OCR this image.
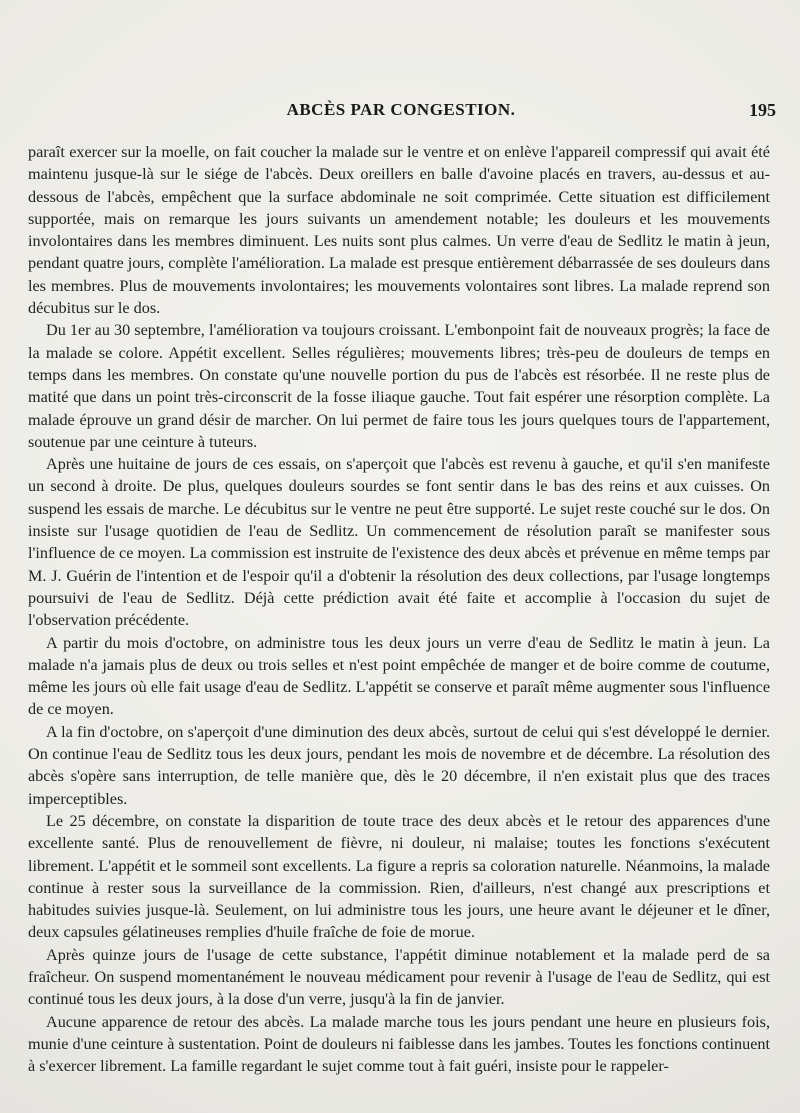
ABCÈS PAR CONGESTION.	195

paraît exercer sur la moelle, on fait coucher la malade sur le ventre et on enlève l'appareil compressif qui avait été maintenu jusque-là sur le siége de l'abcès. Deux oreillers en balle d'avoine placés en travers, au-dessus et au-dessous de l'abcès, empêchent que la surface abdominale ne soit comprimée. Cette situation est difficilement supportée, mais on remarque les jours suivants un amendement notable; les douleurs et les mouvements involontaires dans les membres diminuent. Les nuits sont plus calmes. Un verre d'eau de Sedlitz le matin à jeun, pendant quatre jours, complète l'amélioration. La malade est presque entièrement débarrassée de ses douleurs dans les membres. Plus de mouvements involontaires; les mouvements volontaires sont libres. La malade reprend son décubitus sur le dos.

Du 1er au 30 septembre, l'amélioration va toujours croissant. L'embonpoint fait de nouveaux progrès; la face de la malade se colore. Appétit excellent. Selles régulières; mouvements libres; très-peu de douleurs de temps en temps dans les membres. On constate qu'une nouvelle portion du pus de l'abcès est résorbée. Il ne reste plus de matité que dans un point très-circonscrit de la fosse iliaque gauche. Tout fait espérer une résorption complète. La malade éprouve un grand désir de marcher. On lui permet de faire tous les jours quelques tours de l'appartement, soutenue par une ceinture à tuteurs.

Après une huitaine de jours de ces essais, on s'aperçoit que l'abcès est revenu à gauche, et qu'il s'en manifeste un second à droite. De plus, quelques douleurs sourdes se font sentir dans le bas des reins et aux cuisses. On suspend les essais de marche. Le décubitus sur le ventre ne peut être supporté. Le sujet reste couché sur le dos. On insiste sur l'usage quotidien de l'eau de Sedlitz. Un commencement de résolution paraît se manifester sous l'influence de ce moyen. La commission est instruite de l'existence des deux abcès et prévenue en même temps par M. J. Guérin de l'intention et de l'espoir qu'il a d'obtenir la résolution des deux collections, par l'usage longtemps poursuivi de l'eau de Sedlitz. Déjà cette prédiction avait été faite et accomplie à l'occasion du sujet de l'observation précédente.

A partir du mois d'octobre, on administre tous les deux jours un verre d'eau de Sedlitz le matin à jeun. La malade n'a jamais plus de deux ou trois selles et n'est point empêchée de manger et de boire comme de coutume, même les jours où elle fait usage d'eau de Sedlitz. L'appétit se conserve et paraît même augmenter sous l'influence de ce moyen.

A la fin d'octobre, on s'aperçoit d'une diminution des deux abcès, surtout de celui qui s'est développé le dernier. On continue l'eau de Sedlitz tous les deux jours, pendant les mois de novembre et de décembre. La résolution des abcès s'opère sans interruption, de telle manière que, dès le 20 décembre, il n'en existait plus que des traces imperceptibles.

Le 25 décembre, on constate la disparition de toute trace des deux abcès et le retour des apparences d'une excellente santé. Plus de renouvellement de fièvre, ni douleur, ni malaise; toutes les fonctions s'exécutent librement. L'appétit et le sommeil sont excellents. La figure a repris sa coloration naturelle. Néanmoins, la malade continue à rester sous la surveillance de la commission. Rien, d'ailleurs, n'est changé aux prescriptions et habitudes suivies jusque-là. Seulement, on lui administre tous les jours, une heure avant le déjeuner et le dîner, deux capsules gélatineuses remplies d'huile fraîche de foie de morue.

Après quinze jours de l'usage de cette substance, l'appétit diminue notablement et la malade perd de sa fraîcheur. On suspend momentanément le nouveau médicament pour revenir à l'usage de l'eau de Sedlitz, qui est continué tous les deux jours, à la dose d'un verre, jusqu'à la fin de janvier.

Aucune apparence de retour des abcès. La malade marche tous les jours pendant une heure en plusieurs fois, munie d'une ceinture à sustentation. Point de douleurs ni faiblesse dans les jambes. Toutes les fonctions continuent à s'exercer librement. La famille regardant le sujet comme tout à fait guéri, insiste pour le rappeler-
